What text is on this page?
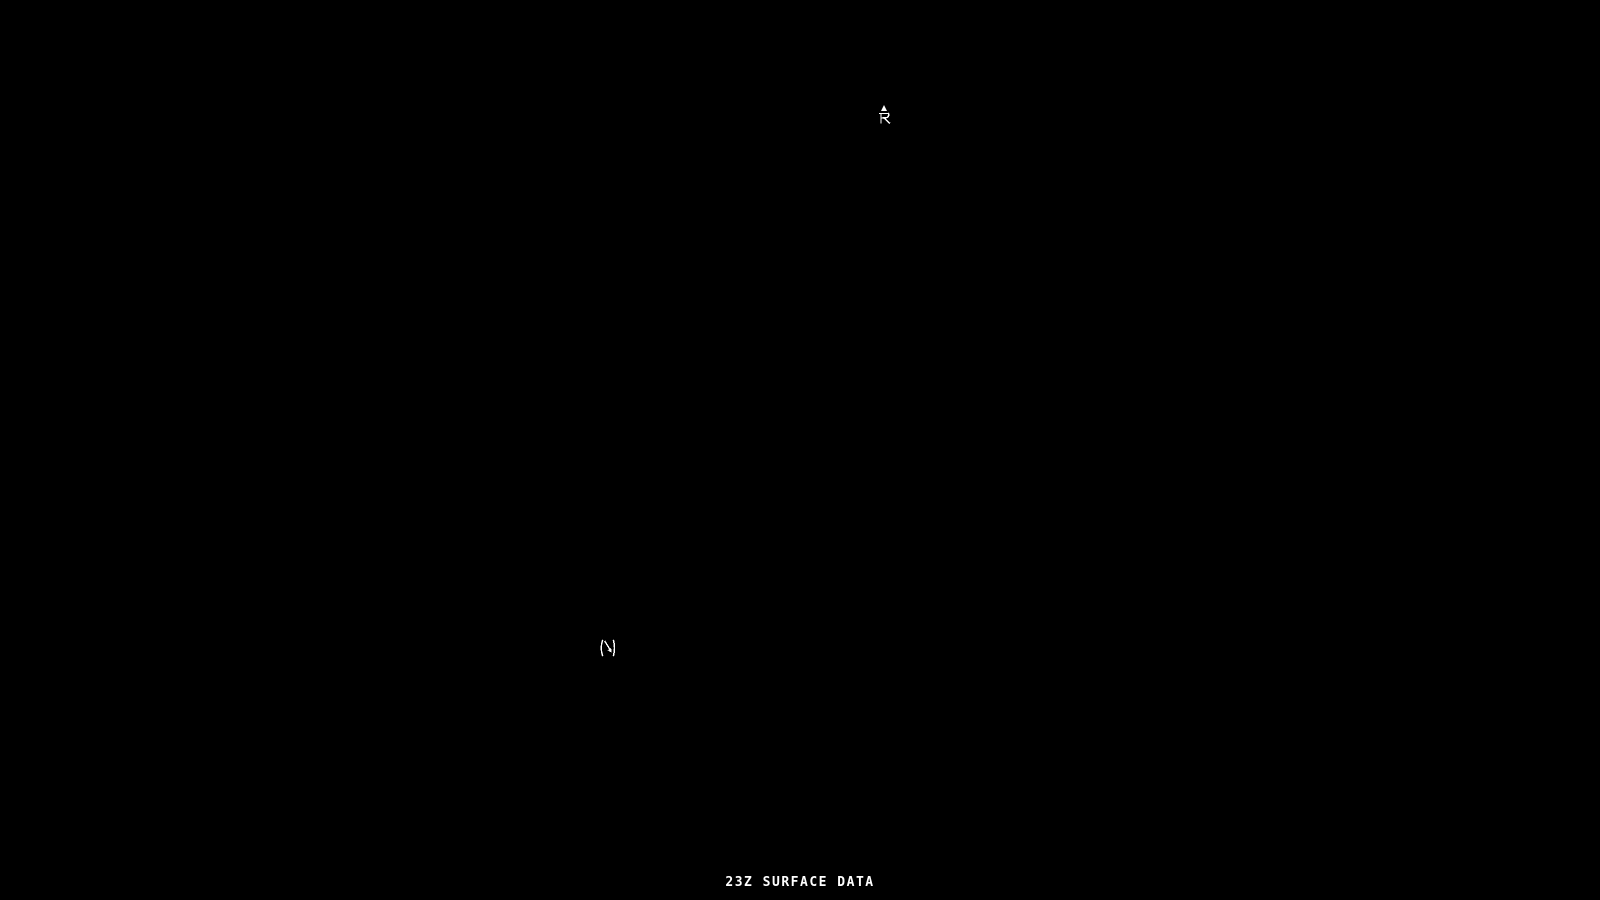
23Z SURFACE DATA
